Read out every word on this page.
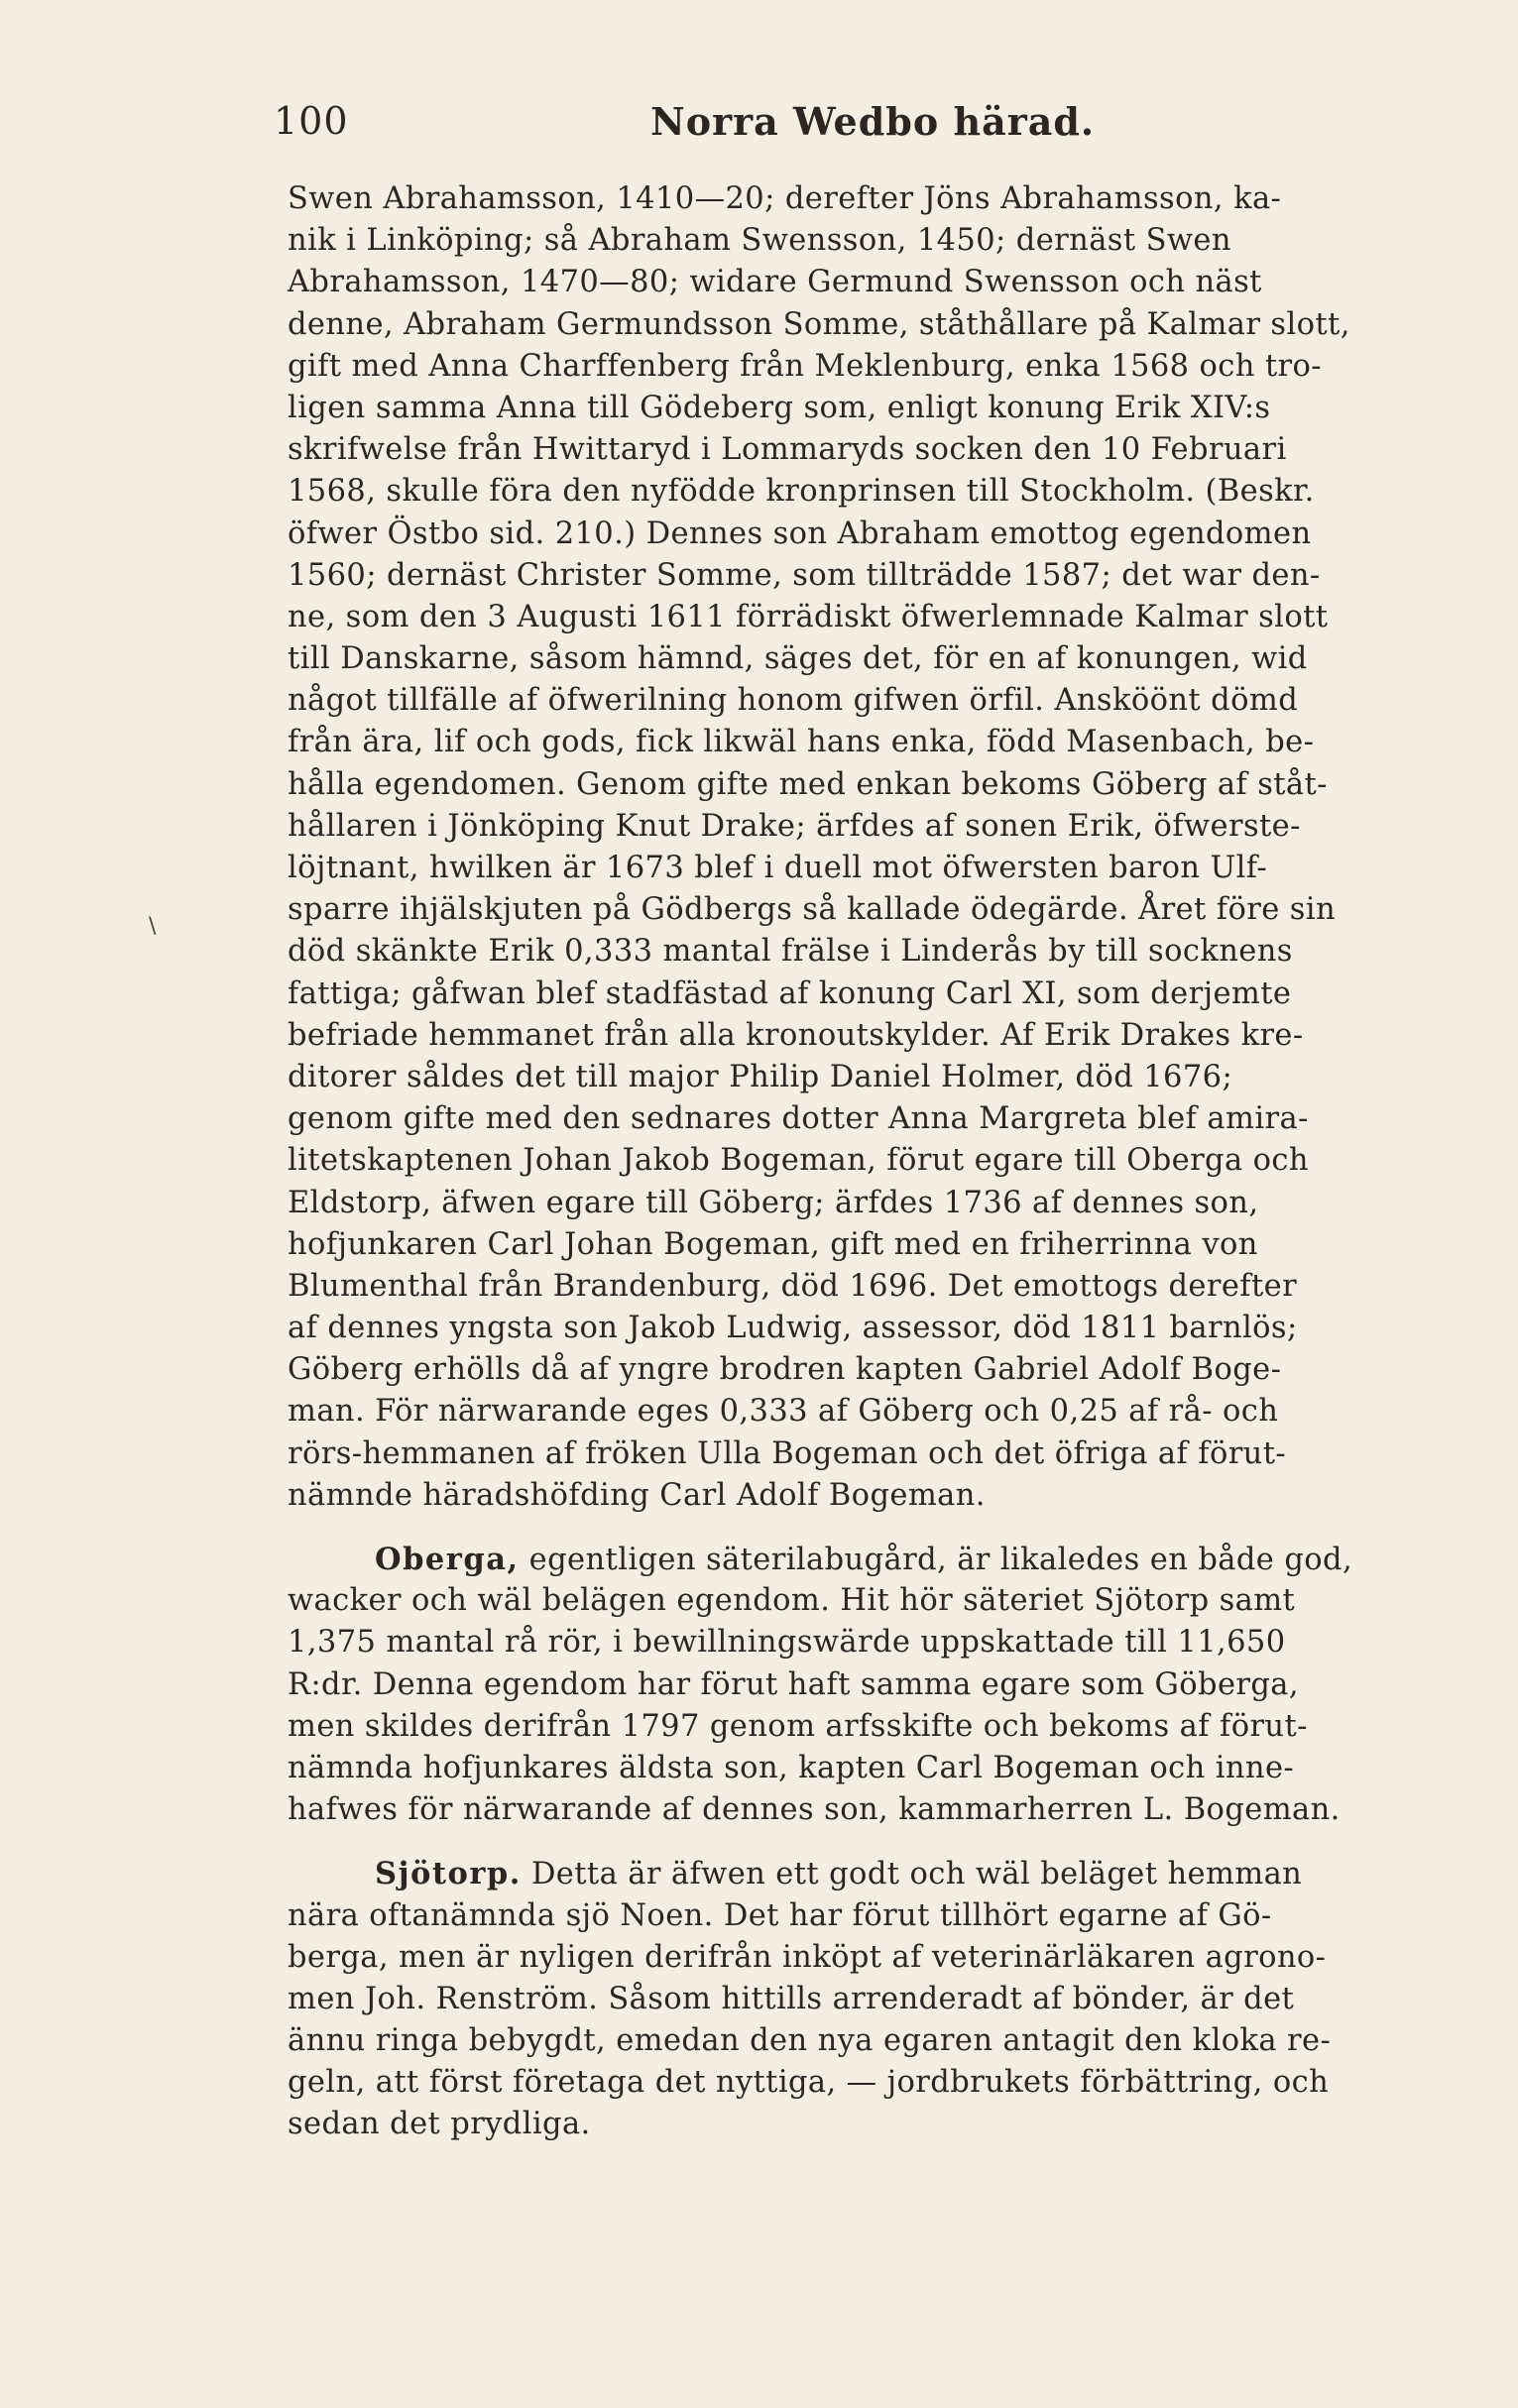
100	Norra Wedbo härad.
\
Swen Abrahamsson, 1410—20; derefter Jöns Abrahamsson, ka-
nik i Linköping; så Abraham Swensson, 1450; dernäst Swen
Abrahamsson, 1470—80; widare Germund Swensson och näst
denne, Abraham Germundsson Somme, ståthållare på Kalmar slott,
gift med Anna Charffenberg från Meklenburg, enka 1568 och tro-
ligen samma Anna till Gödeberg som, enligt konung Erik XIV:s
skrifwelse från Hwittaryd i Lommaryds socken den 10 Februari
1568, skulle föra den nyfödde kronprinsen till Stockholm. (Beskr.
öfwer Östbo sid. 210.) Dennes son Abraham emottog egendomen
1560; dernäst Christer Somme, som tillträdde 1587; det war den-
ne, som den 3 Augusti 1611 förrädiskt öfwerlemnade Kalmar slott
till Danskarne, såsom hämnd, säges det, för en af konungen, wid
något tillfälle af öfwerilning honom gifwen örfil. Ansköönt dömd
från ära, lif och gods, fick likwäl hans enka, född Masenbach, be-
hålla egendomen. Genom gifte med enkan bekoms Göberg af ståt-
hållaren i Jönköping Knut Drake; ärfdes af sonen Erik, öfwerste-
löjtnant, hwilken är 1673 blef i duell mot öfwersten baron Ulf-
sparre ihjälskjuten på Gödbergs så kallade ödegärde. Året före sin
död skänkte Erik 0,333 mantal frälse i Linderås by till socknens
fattiga; gåfwan blef stadfästad af konung Carl XI, som derjemte
befriade hemmanet från alla kronoutskylder. Af Erik Drakes kre-
ditorer såldes det till major Philip Daniel Holmer, död 1676;
genom gifte med den sednares dotter Anna Margreta blef amira-
litetskaptenen Johan Jakob Bogeman, förut egare till Oberga och
Eldstorp, äfwen egare till Göberg; ärfdes 1736 af dennes son,
hofjunkaren Carl Johan Bogeman, gift med en friherrinna von
Blumenthal från Brandenburg, död 1696. Det emottogs derefter
af dennes yngsta son Jakob Ludwig, assessor, död 1811 barnlös;
Göberg erhölls då af yngre brodren kapten Gabriel Adolf Boge-
man. För närwarande eges 0,333 af Göberg och 0,25 af rå- och
rörs-hemmanen af fröken Ulla Bogeman och det öfriga af förut-
nämnde häradshöfding Carl Adolf Bogeman.
Oberga, egentligen säterilabugård, är likaledes en både god,
wacker och wäl belägen egendom. Hit hör säteriet Sjötorp samt
1,375 mantal rå rör, i bewillningswärde uppskattade till 11,650
R:dr. Denna egendom har förut haft samma egare som Göberga,
men skildes derifrån 1797 genom arfsskifte och bekoms af förut-
nämnda hofjunkares äldsta son, kapten Carl Bogeman och inne-
hafwes för närwarande af dennes son, kammarherren L. Bogeman.
Sjötorp. Detta är äfwen ett godt och wäl beläget hemman
nära oftanämnda sjö Noen. Det har förut tillhört egarne af Gö-
berga, men är nyligen derifrån inköpt af veterinärläkaren agrono-
men Joh. Renström. Såsom hittills arrenderadt af bönder, är det
ännu ringa bebygdt, emedan den nya egaren antagit den kloka re-
geln, att först företaga det nyttiga, — jordbrukets förbättring, och
sedan det prydliga.
